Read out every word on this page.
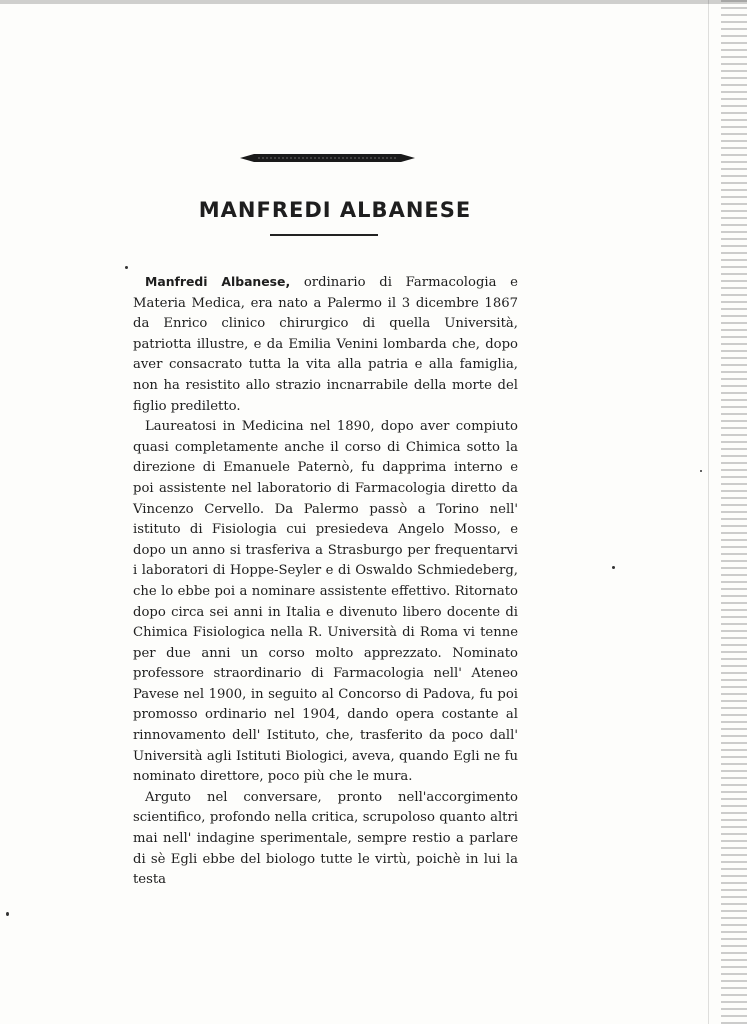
MANFREDI ALBANESE

Manfredi Albanese, ordinario di Farmacologia e Materia Medica, era nato a Palermo il 3 dicembre 1867 da Enrico clinico chirurgico di quella Università, patriotta illustre, e da Emilia Venini lombarda che, dopo aver consacrato tutta la vita alla patria e alla famiglia, non ha resistito allo strazio incnarrabile della morte del figlio prediletto.

Laureatosi in Medicina nel 1890, dopo aver compiuto quasi completamente anche il corso di Chimica sotto la direzione di Emanuele Paternò, fu dapprima interno e poi assistente nel laboratorio di Farmacologia diretto da Vincenzo Cervello. Da Palermo passò a Torino nell' istituto di Fisiologia cui presiedeva Angelo Mosso, e dopo un anno si trasferiva a Strasburgo per frequentarvi i laboratori di Hoppe-Seyler e di Oswaldo Schmiedeberg, che lo ebbe poi a nominare assistente effettivo. Ritornato dopo circa sei anni in Italia e divenuto libero docente di Chimica Fisiologica nella R. Università di Roma vi tenne per due anni un corso molto apprezzato. Nominato professore straordinario di Farmacologia nell' Ateneo Pavese nel 1900, in seguito al Concorso di Padova, fu poi promosso ordinario nel 1904, dando opera costante al rinnovamento dell' Istituto, che, trasferito da poco dall' Università agli Istituti Biologici, aveva, quando Egli ne fu nominato direttore, poco più che le mura.

Arguto nel conversare, pronto nell'accorgimento scientifico, profondo nella critica, scrupoloso quanto altri mai nell' indagine sperimentale, sempre restio a parlare di sè Egli ebbe del biologo tutte le virtù, poichè in lui la testa
